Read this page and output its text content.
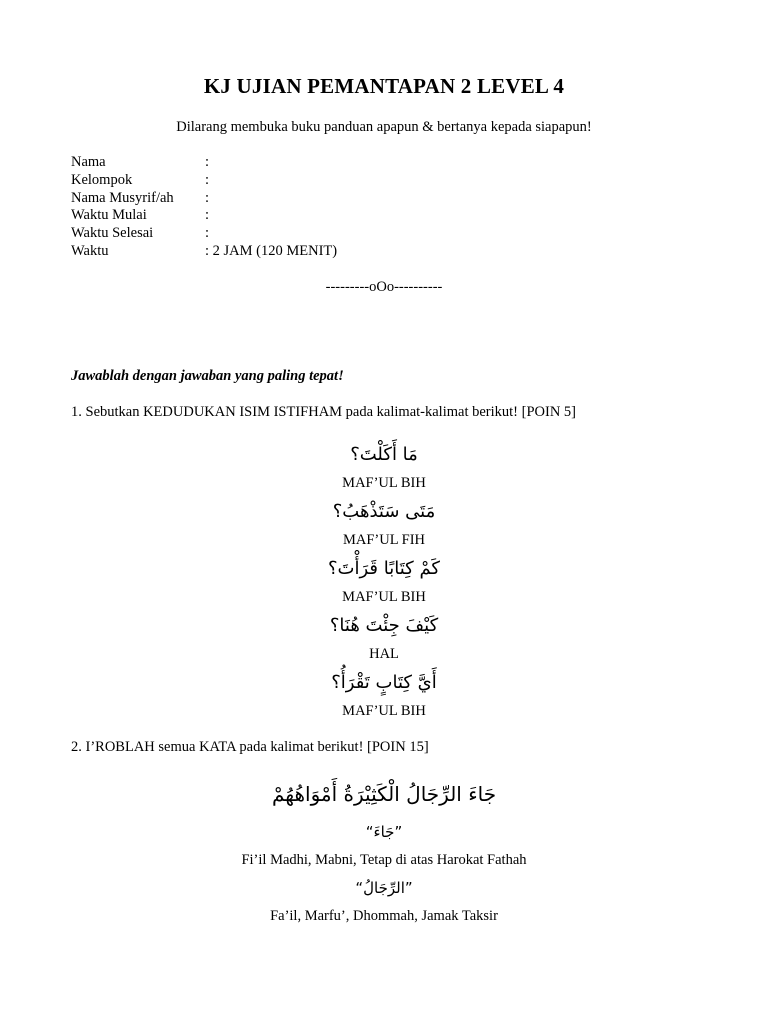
KJ UJIAN PEMANTAPAN 2 LEVEL 4
Dilarang membuka buku panduan apapun & bertanya kepada siapapun!
Nama	:
Kelompok	:
Nama Musyrif/ah	:
Waktu Mulai	:
Waktu Selesai	:
Waktu	: 2 JAM (120 MENIT)
---------oOo----------
Jawablah dengan jawaban yang paling tepat!
1. Sebutkan KEDUDUKAN ISIM ISTIFHAM pada kalimat-kalimat berikut! [POIN 5]
مَا أَكَلْتَ؟
MAF’UL BIH
مَتَى سَتَذْهَبُ؟
MAF’UL FIH
كَمْ كِتَابًا قَرَأْتَ؟
MAF’UL BIH
كَيْفَ جِئْتَ هُنَا؟
HAL
أَيَّ كِتَابٍ تَقْرَأُ؟
MAF’UL BIH
2. I’ROBLAH semua KATA pada kalimat berikut! [POIN 15]
جَاءَ الرِّجَالُ الْكَثِيْرَةُ أَمْوَاهُهُمْ
“جَاءَ”
Fi’il Madhi, Mabni, Tetap di atas Harokat Fathah
“الرِّجَالُ”
Fa’il, Marfu’, Dhommah, Jamak Taksir
